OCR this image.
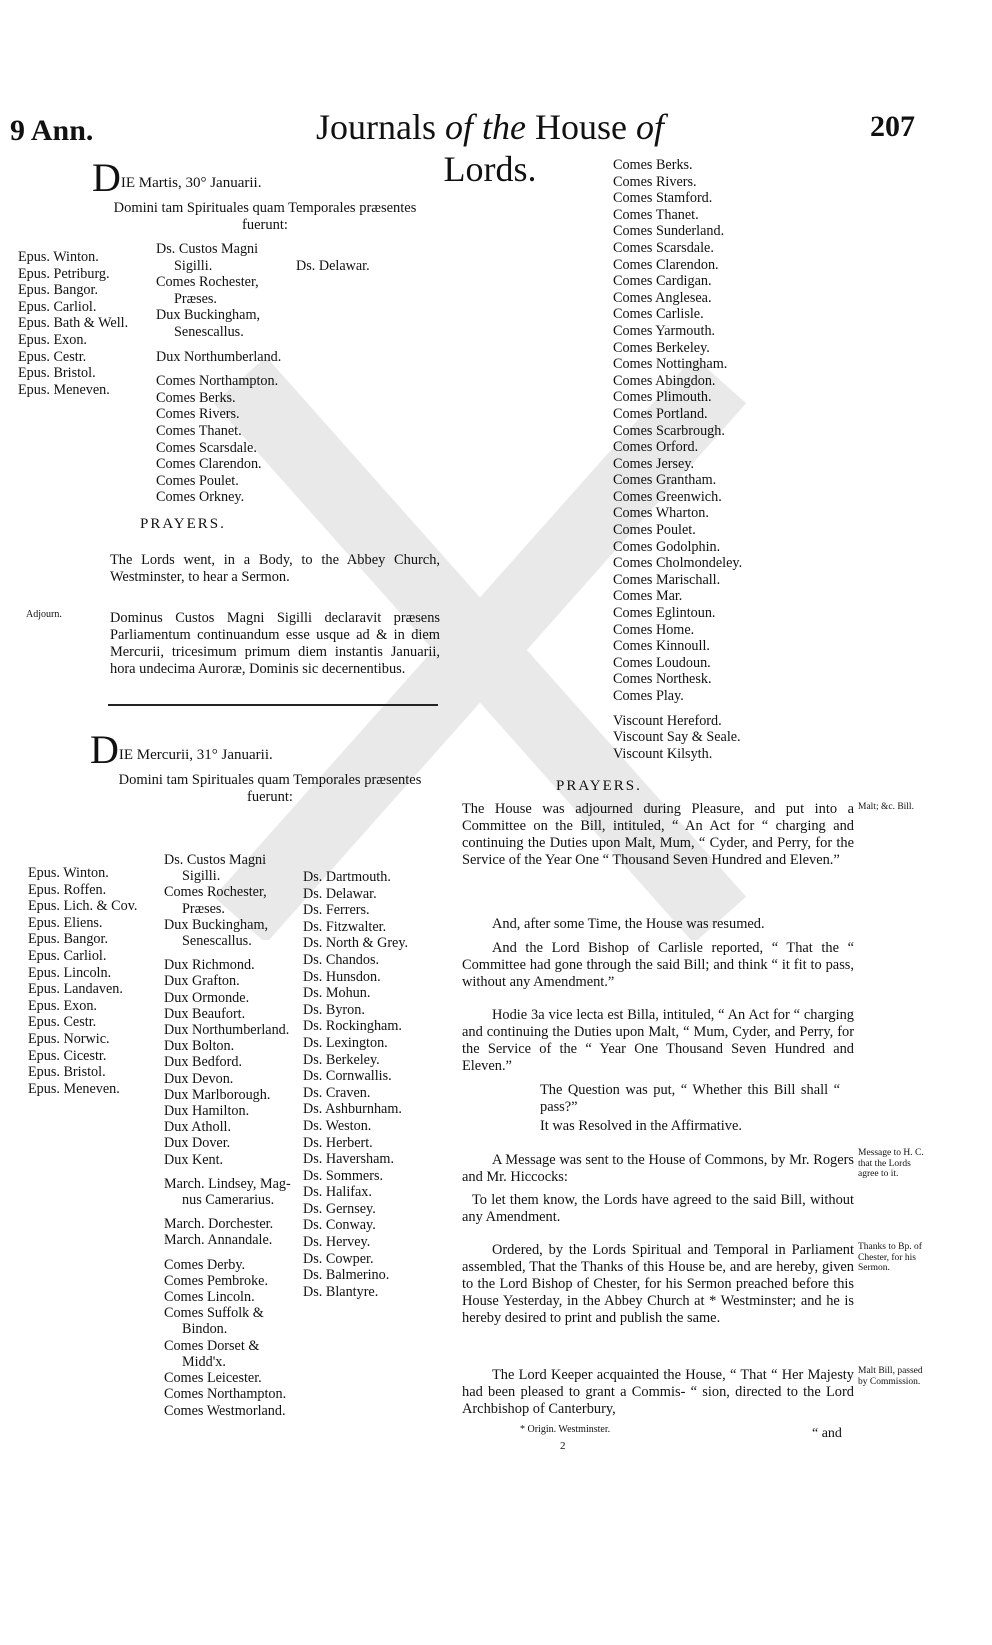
9 Ann.	Journals of the House of Lords.
207
DIE Martis, 30° Januarii.
Domini tam Spirituales quam Temporales præsentes
fuerunt:
Epus. Winton.
Epus. Petriburg.
Epus. Bangor.
Epus. Carliol.
Epus. Bath & Well.
Epus. Exon.
Epus. Cestr.
Epus. Bristol.
Epus. Meneven.
Ds. Custos Magni
Sigilli.
Comes Rochester,
Præses.
Dux Buckingham,
Senescallus.
Dux Northumberland.
Comes Northampton.
Comes Berks.
Comes Rivers.
Comes Thanet.
Comes Scarsdale.
Comes Clarendon.
Comes Poulet.
Comes Orkney.
Ds. Delawar.
PRAYERS.

The Lords went, in a Body, to the Abbey Church, Westminster, to hear a Sermon.

Adjourn.	Dominus Custos Magni Sigilli declaravit præsens Parliamentum continuandum esse usque ad & in diem Mercurii, tricesimum primum diem instantis Januarii, hora undecima Auroræ, Dominis sic decernentibus.

DIE Mercurii, 31° Januarii.
Domini tam Spirituales quam Temporales præsentes
fuerunt:
Epus. Winton.
Epus. Roffen.
Epus. Lich. & Cov.
Epus. Eliens.
Epus. Bangor.
Epus. Carliol.
Epus. Lincoln.
Epus. Landaven.
Epus. Exon.
Epus. Cestr.
Epus. Norwic.
Epus. Cicestr.
Epus. Bristol.
Epus. Meneven.
Ds. Custos Magni
Sigilli.
Comes Rochester,
Præses.
Dux Buckingham,
Senescallus.
Dux Richmond.
Dux Grafton.
Dux Ormonde.
Dux Beaufort.
Dux Northumberland.
Dux Bolton.
Dux Bedford.
Dux Devon.
Dux Marlborough.
Dux Hamilton.
Dux Atholl.
Dux Dover.
Dux Kent.
March. Lindsey, Mag-
nus Camerarius.
March. Dorchester.
March. Annandale.
Comes Derby.
Comes Pembroke.
Comes Lincoln.
Comes Suffolk &
Bindon.
Comes Dorset &
Midd'x.
Comes Leicester.
Comes Northampton.
Comes Westmorland.
Ds. Dartmouth.
Ds. Delawar.
Ds. Ferrers.
Ds. Fitzwalter.
Ds. North & Grey.
Ds. Chandos.
Ds. Hunsdon.
Ds. Mohun.
Ds. Byron.
Ds. Rockingham.
Ds. Lexington.
Ds. Berkeley.
Ds. Cornwallis.
Ds. Craven.
Ds. Ashburnham.
Ds. Weston.
Ds. Herbert.
Ds. Haversham.
Ds. Sommers.
Ds. Halifax.
Ds. Gernsey.
Ds. Conway.
Ds. Hervey.
Ds. Cowper.
Ds. Balmerino.
Ds. Blantyre.
Comes Berks.
Comes Rivers.
Comes Stamford.
Comes Thanet.
Comes Sunderland.
Comes Scarsdale.
Comes Clarendon.
Comes Cardigan.
Comes Anglesea.
Comes Carlisle.
Comes Yarmouth.
Comes Berkeley.
Comes Nottingham.
Comes Abingdon.
Comes Plimouth.
Comes Portland.
Comes Scarbrough.
Comes Orford.
Comes Jersey.
Comes Grantham.
Comes Greenwich.
Comes Wharton.
Comes Poulet.
Comes Godolphin.
Comes Cholmondeley.
Comes Marischall.
Comes Mar.
Comes Eglintoun.
Comes Home.
Comes Kinnoull.
Comes Loudoun.
Comes Northesk.
Comes Play.
Viscount Hereford.
Viscount Say & Seale.
Viscount Kilsyth.
PRAYERS.

The House was adjourned during Pleasure, and put into a Committee on the Bill, intituled, “ An Act for “ charging and continuing the Duties upon Malt, Mum, “ Cyder, and Perry, for the Service of the Year One “ Thousand Seven Hundred and Eleven.”

Malt; &c. Bill.

And, after some Time, the House was resumed.

And the Lord Bishop of Carlisle reported, “ That the “ Committee had gone through the said Bill; and think “ it fit to pass, without any Amendment.”

Hodie 3a vice lecta est Billa, intituled, “ An Act for “ charging and continuing the Duties upon Malt, “ Mum, Cyder, and Perry, for the Service of the “ Year One Thousand Seven Hundred and Eleven.”

The Question was put, “ Whether this Bill shall “ pass?”

It was Resolved in the Affirmative.

A Message was sent to the House of Commons, by Mr. Rogers and Mr. Hiccocks:

Message to H. C. that the Lords agree to it.

To let them know, the Lords have agreed to the said Bill, without any Amendment.

Ordered, by the Lords Spiritual and Temporal in Parliament assembled, That the Thanks of this House be, and are hereby, given to the Lord Bishop of Chester, for his Sermon preached before this House Yesterday, in the Abbey Church at * Westminster; and he is hereby desired to print and publish the same.

Thanks to Bp. of Chester, for his Sermon.

The Lord Keeper acquainted the House, “ That “ Her Majesty had been pleased to grant a Commis- “ sion, directed to the Lord Archbishop of Canterbury,

Malt Bill, passed by Commission.
* Origin. Westminster.
2
“ and
